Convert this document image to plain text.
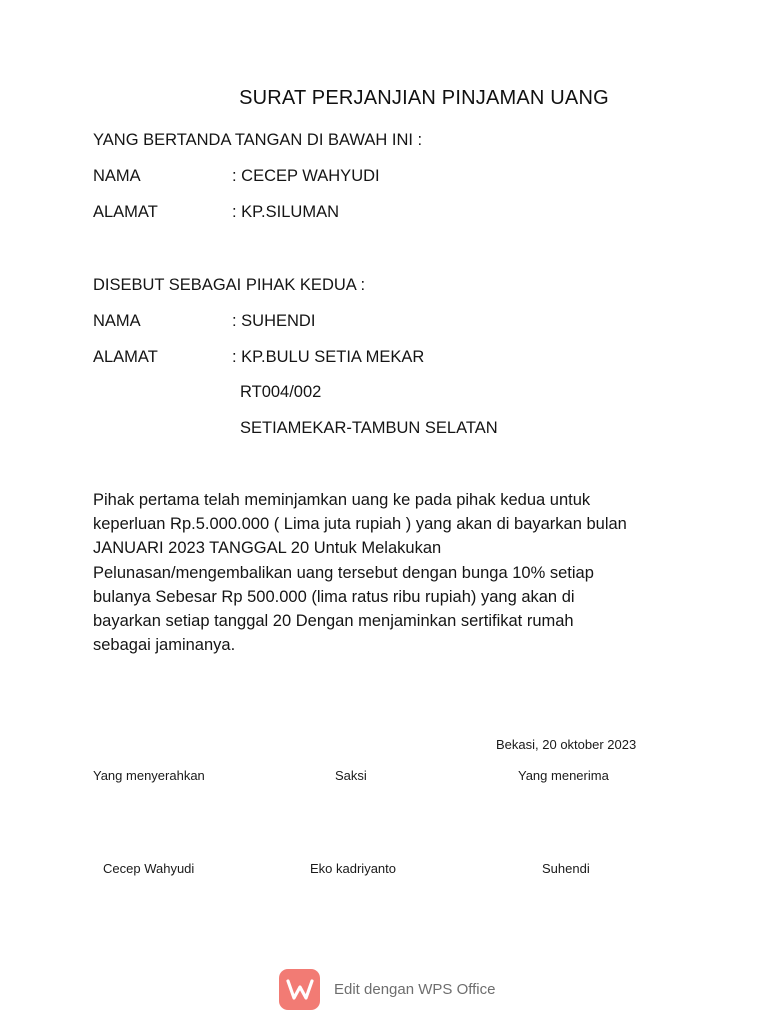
SURAT PERJANJIAN PINJAMAN UANG
YANG BERTANDA TANGAN DI BAWAH INI :
NAMA	: CECEP WAHYUDI
ALAMAT	: KP.SILUMAN
DISEBUT SEBAGAI PIHAK KEDUA :
NAMA	: SUHENDI
ALAMAT	: KP.BULU SETIA MEKAR
RT004/002
SETIAMEKAR-TAMBUN SELATAN
Pihak pertama telah meminjamkan uang ke pada pihak kedua untuk
keperluan Rp.5.000.000 ( Lima juta rupiah ) yang akan di bayarkan bulan
JANUARI 2023 TANGGAL 20 Untuk Melakukan
Pelunasan/mengembalikan uang tersebut dengan bunga 10% setiap
bulanya Sebesar Rp 500.000 (lima ratus ribu rupiah) yang akan di
bayarkan setiap tanggal 20 Dengan menjaminkan sertifikat rumah
sebagai jaminanya.
Bekasi, 20 oktober 2023
Yang menyerahkan	Saksi	Yang menerima
Cecep Wahyudi	Eko kadriyanto	Suhendi
Edit dengan WPS Office
